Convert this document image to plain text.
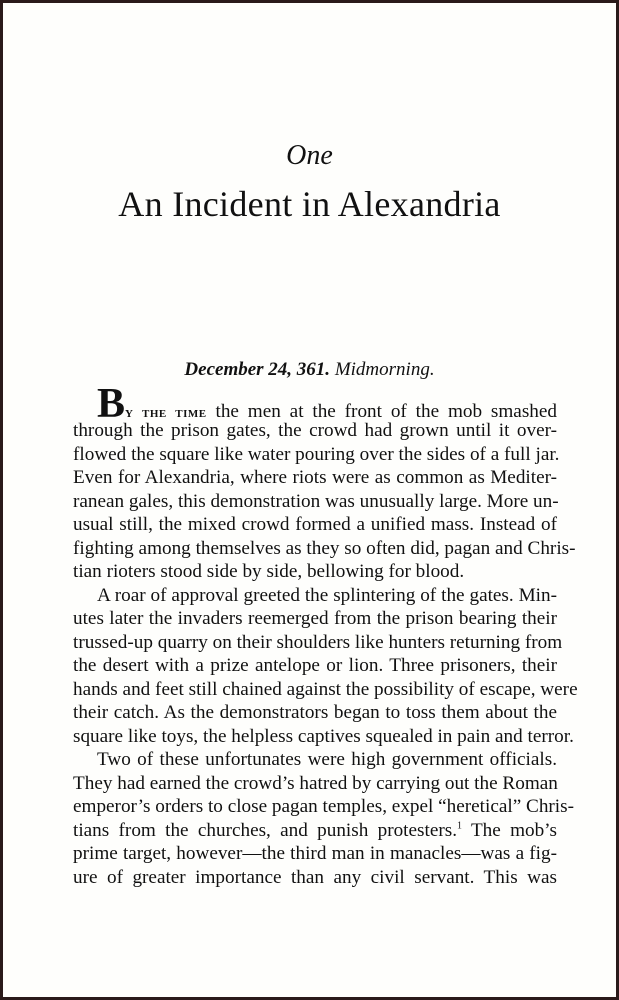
One
An Incident in Alexandria
December 24, 361. Midmorning.
By the time the men at the front of the mob smashed
through the prison gates, the crowd had grown until it over-
flowed the square like water pouring over the sides of a full jar.
Even for Alexandria, where riots were as common as Mediter-
ranean gales, this demonstration was unusually large. More un-
usual still, the mixed crowd formed a unified mass. Instead of
fighting among themselves as they so often did, pagan and Chris-
tian rioters stood side by side, bellowing for blood.
A roar of approval greeted the splintering of the gates. Min-
utes later the invaders reemerged from the prison bearing their
trussed-up quarry on their shoulders like hunters returning from
the desert with a prize antelope or lion. Three prisoners, their
hands and feet still chained against the possibility of escape, were
their catch. As the demonstrators began to toss them about the
square like toys, the helpless captives squealed in pain and terror.
Two of these unfortunates were high government officials.
They had earned the crowd’s hatred by carrying out the Roman
emperor’s orders to close pagan temples, expel “heretical” Chris-
tians from the churches, and punish protesters.$^1$ The mob’s
prime target, however—the third man in manacles—was a fig-
ure of greater importance than any civil servant. This was
